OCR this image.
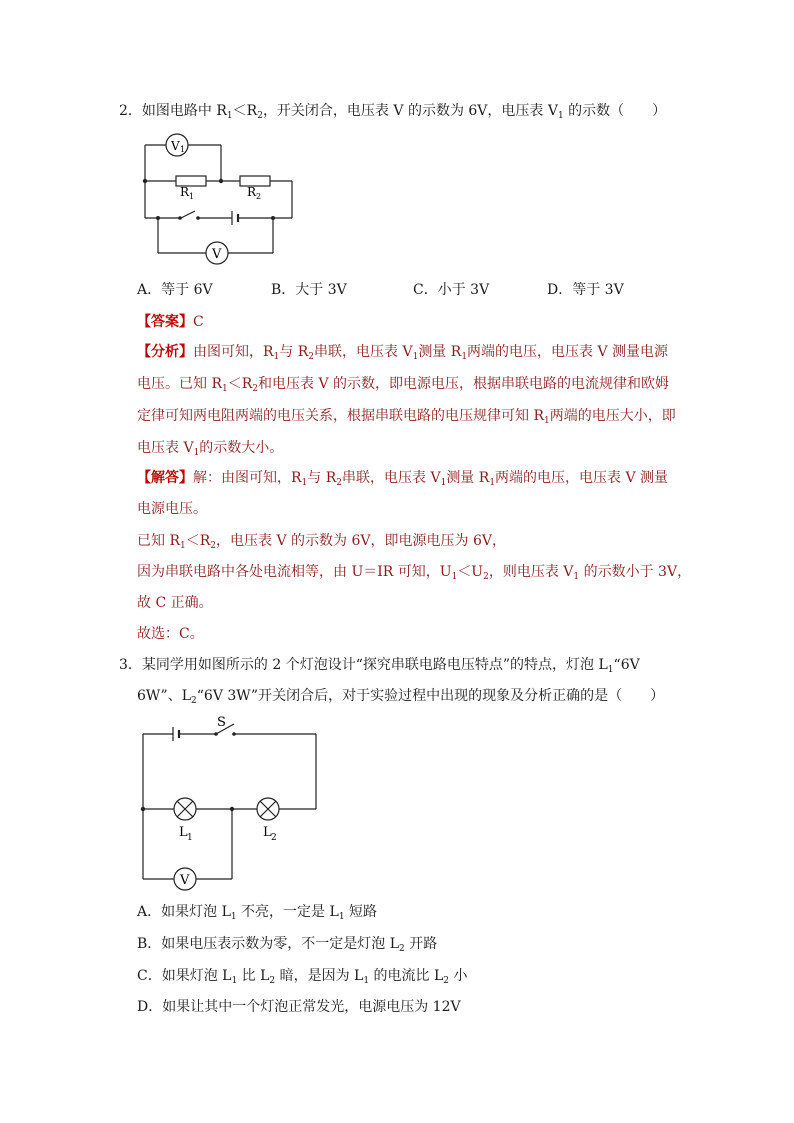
2．如图电路中 $R_1<R_2$，开关闭合，电压表 V 的示数为 6V，电压表 $V_1$ 的示数（　　）
V 1
R 1	R 2
V
A．等于 6V	B．大于 3V	C．小于 3V	D．等于 3V
【答案】C
【分析】由图可知，$R_1$与 $R_2$串联，电压表 $V_1$测量 $R_1$两端的电压，电压表 V 测量电源
电压。已知 $R_1<R_2$和电压表 V 的示数，即电源电压，根据串联电路的电流规律和欧姆
定律可知两电阻两端的电压关系，根据串联电路的电压规律可知 $R_1$两端的电压大小，即
电压表 $V_1$的示数大小。
【解答】解：由图可知，$R_1$与 $R_2$串联，电压表 $V_1$测量 $R_1$两端的电压，电压表 V 测量
电源电压。
已知 $R_1<R_2$，电压表 V 的示数为 6V，即电源电压为 6V，
因为串联电路中各处电流相等，由 U＝IR 可知，$U_1<U_2$，则电压表 $V_1$ 的示数小于 3V，
故 C 正确。
故选：C。
3．某同学用如图所示的 2 个灯泡设计“探究串联电路电压特点”的特点，灯泡 $L_1“6V$
6W”、$L_2“6V$ 3W”开关闭合后，对于实验过程中出现的现象及分析正确的是（　　）
S
L 1	L 2
V
A．如果灯泡 $L_1$ 不亮，一定是 $L_1$ 短路
B．如果电压表示数为零，不一定是灯泡 $L_2$ 开路
C．如果灯泡 $L_1$ 比 $L_2$ 暗，是因为 $L_1$ 的电流比 $L_2$ 小
D．如果让其中一个灯泡正常发光，电源电压为 12V
